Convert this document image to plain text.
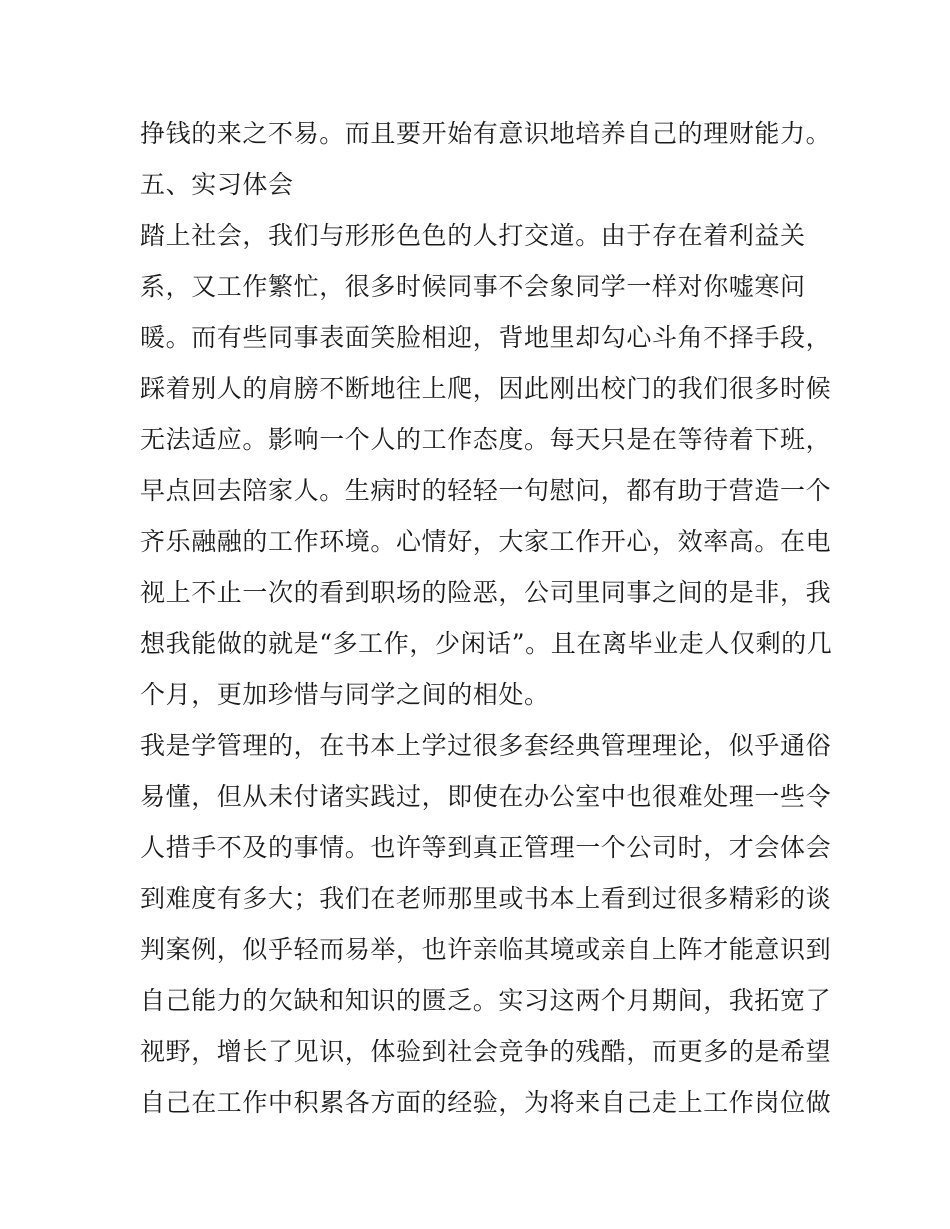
挣钱的来之不易。而且要开始有意识地培养自己的理财能力。
五、实习体会
踏上社会，我们与形形色色的人打交道。由于存在着利益关
系，又工作繁忙，很多时候同事不会象同学一样对你嘘寒问
暖。而有些同事表面笑脸相迎，背地里却勾心斗角不择手段，
踩着别人的肩膀不断地往上爬，因此刚出校门的我们很多时候
无法适应。影响一个人的工作态度。每天只是在等待着下班，
早点回去陪家人。生病时的轻轻一句慰问，都有助于营造一个
齐乐融融的工作环境。心情好，大家工作开心，效率高。在电
视上不止一次的看到职场的险恶，公司里同事之间的是非，我
想我能做的就是“多工作，少闲话”。且在离毕业走人仅剩的几
个月，更加珍惜与同学之间的相处。
我是学管理的，在书本上学过很多套经典管理理论，似乎通俗
易懂，但从未付诸实践过，即使在办公室中也很难处理一些令
人措手不及的事情。也许等到真正管理一个公司时，才会体会
到难度有多大；我们在老师那里或书本上看到过很多精彩的谈
判案例，似乎轻而易举，也许亲临其境或亲自上阵才能意识到
自己能力的欠缺和知识的匮乏。实习这两个月期间，我拓宽了
视野，增长了见识，体验到社会竞争的残酷，而更多的是希望
自己在工作中积累各方面的经验，为将来自己走上工作岗位做
